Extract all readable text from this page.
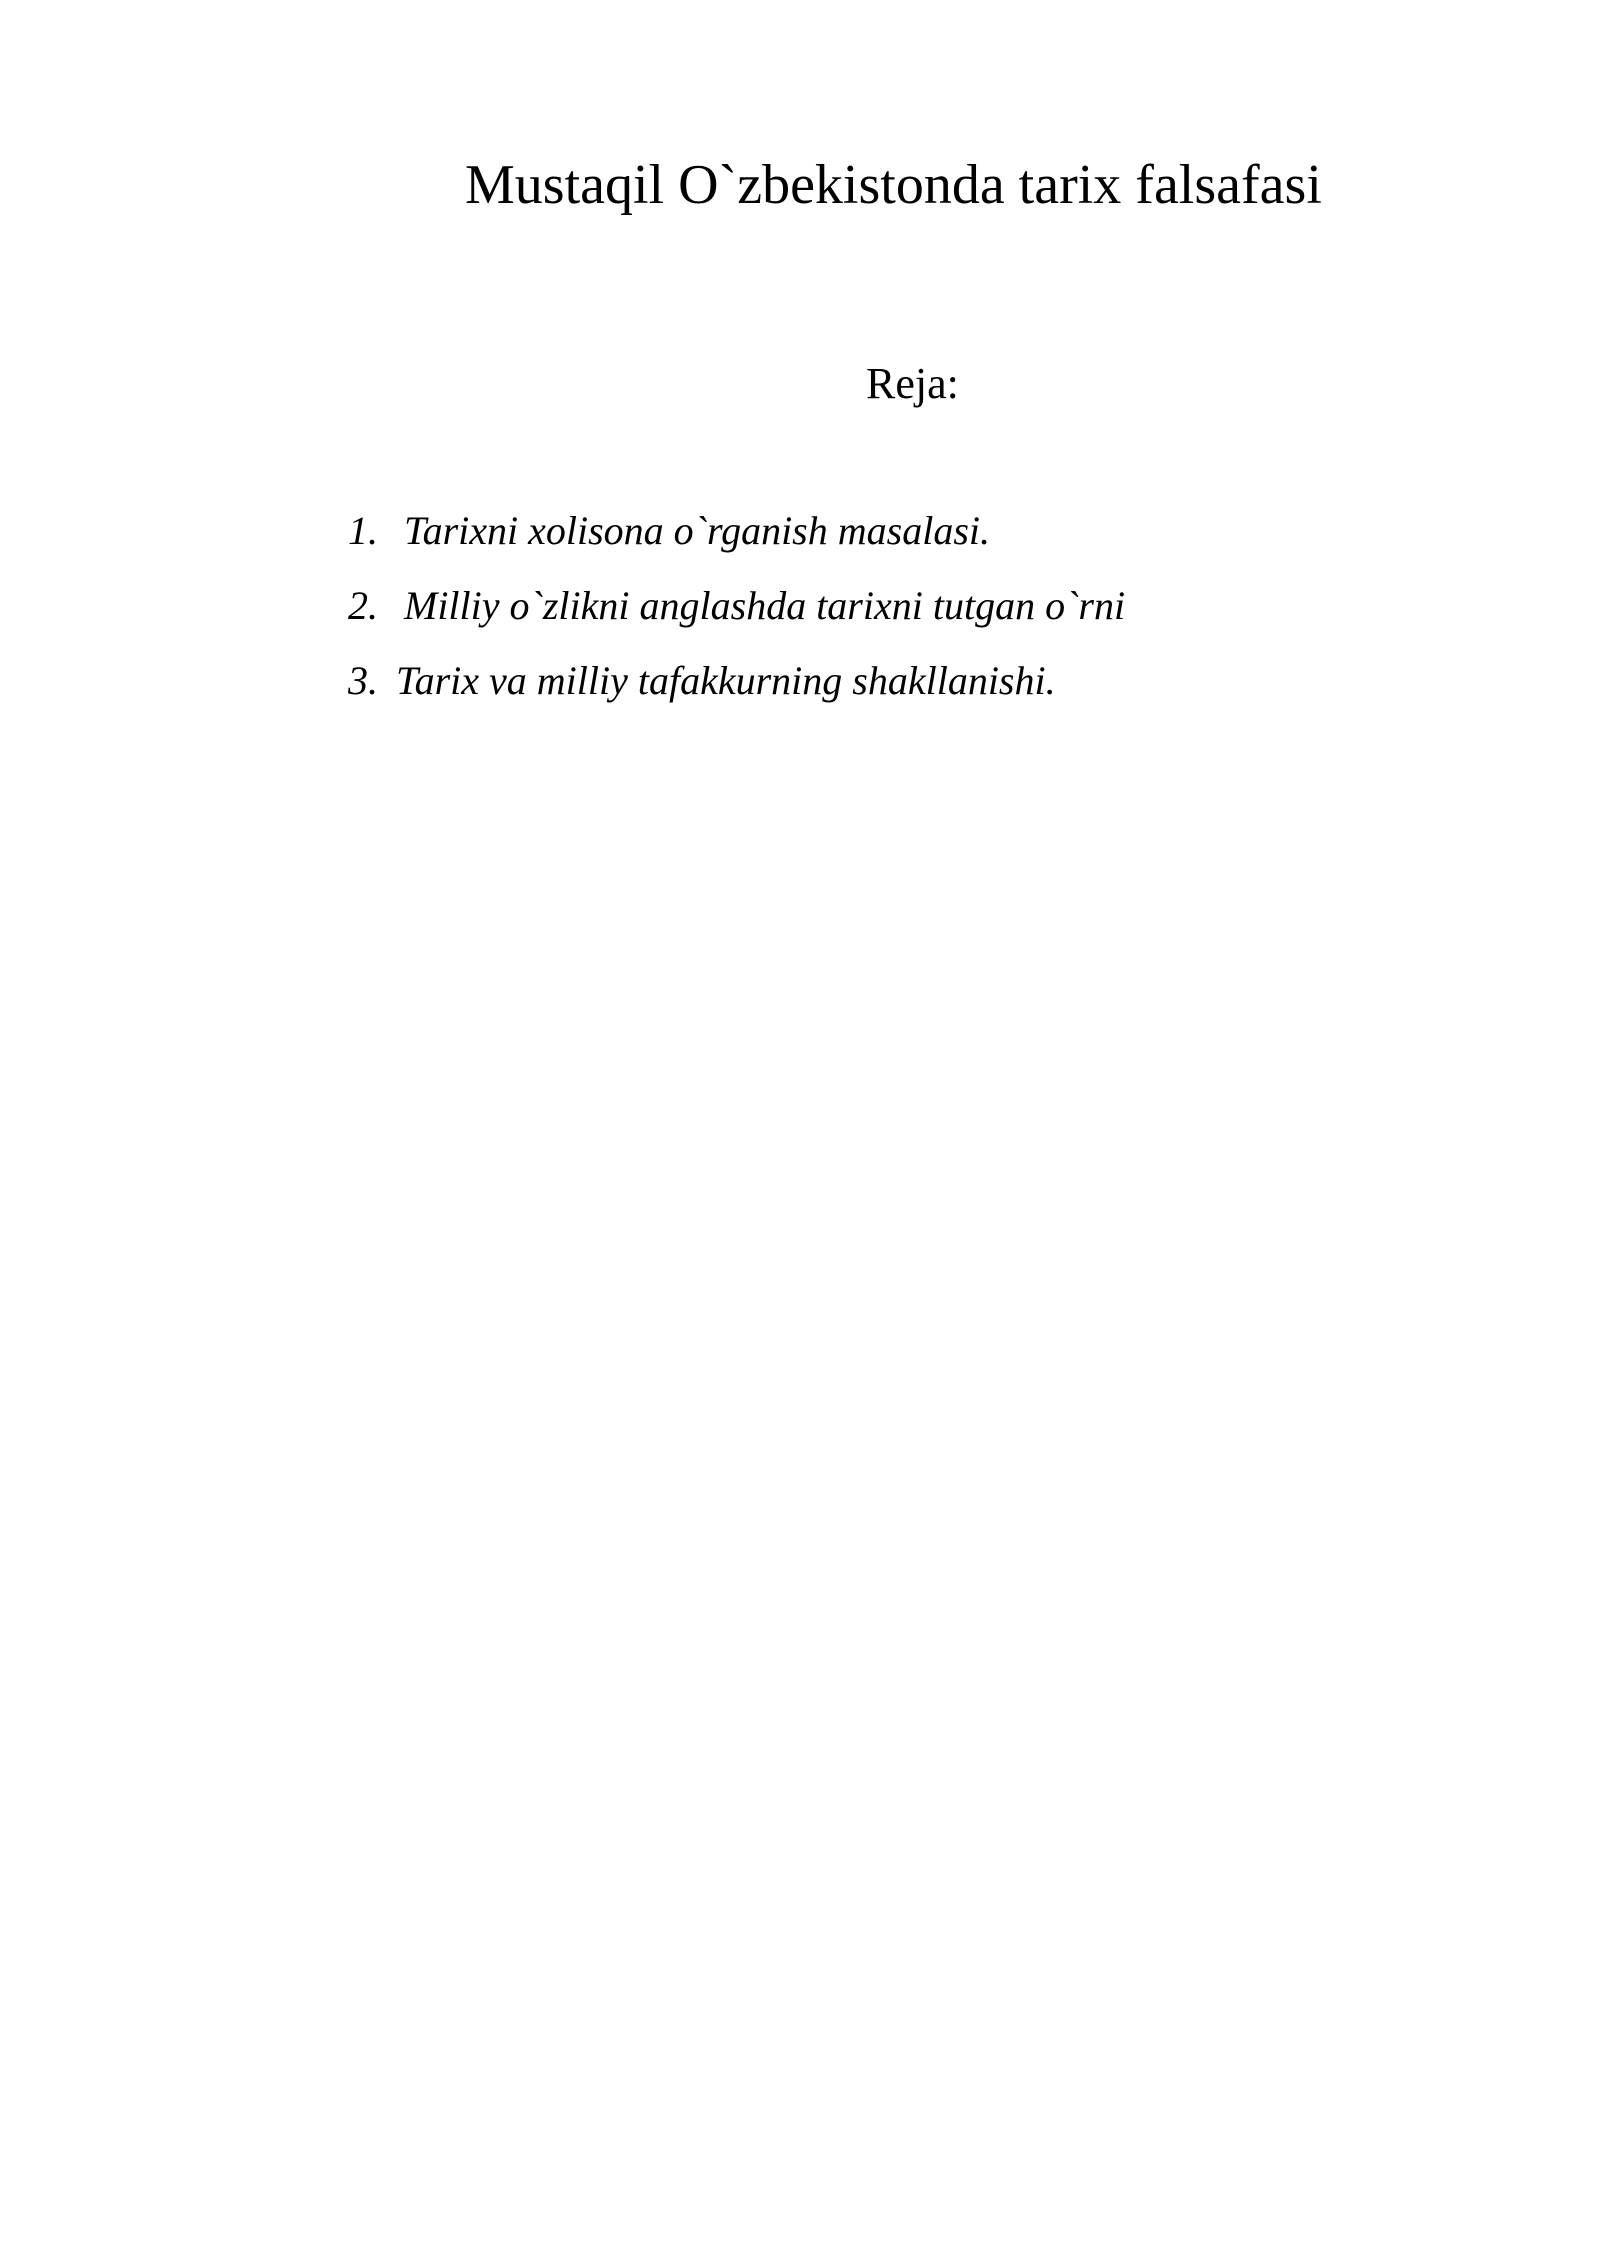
Mustaqil O`zbekistonda tarix falsafasi
Reja:
1. Tarixni xolisona o`rganish masalasi.
2. Milliy o`zlikni anglashda tarixni tutgan o`rni
3. Tarix va milliy tafakkurning shakllanishi.
